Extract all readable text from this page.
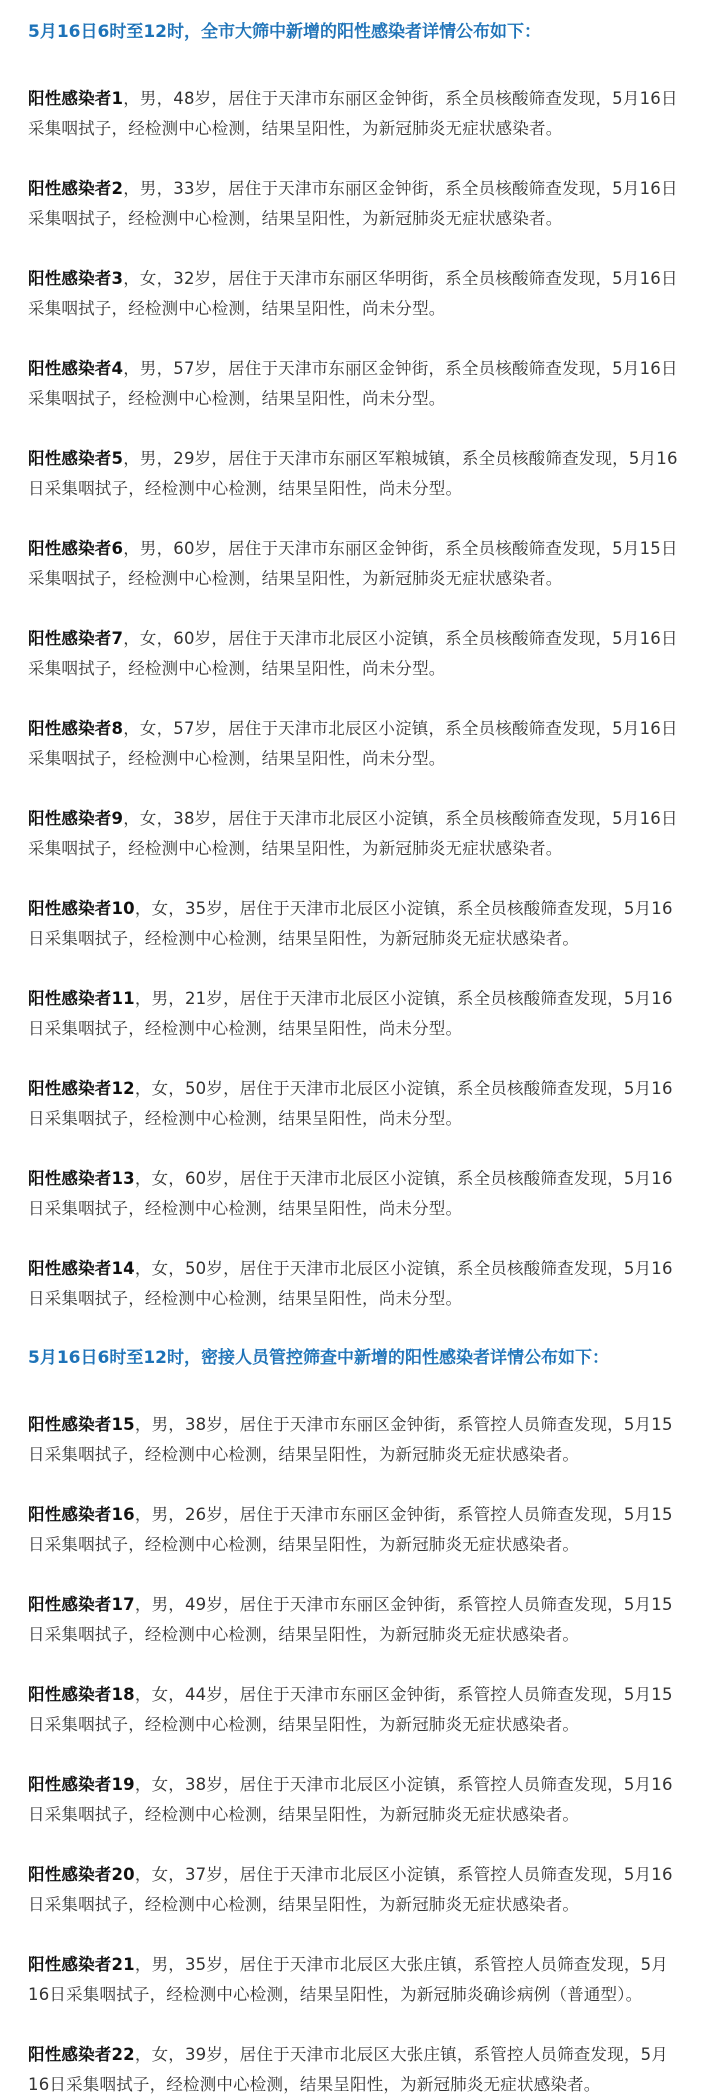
5月16日6时至12时，全市大筛中新增的阳性感染者详情公布如下：

阳性感染者1，男，48岁，居住于天津市东丽区金钟街，系全员核酸筛查发现，5月16日采集咽拭子，经检测中心检测，结果呈阳性，为新冠肺炎无症状感染者。

阳性感染者2，男，33岁，居住于天津市东丽区金钟街，系全员核酸筛查发现，5月16日采集咽拭子，经检测中心检测，结果呈阳性，为新冠肺炎无症状感染者。

阳性感染者3，女，32岁，居住于天津市东丽区华明街，系全员核酸筛查发现，5月16日采集咽拭子，经检测中心检测，结果呈阳性，尚未分型。

阳性感染者4，男，57岁，居住于天津市东丽区金钟街，系全员核酸筛查发现，5月16日采集咽拭子，经检测中心检测，结果呈阳性，尚未分型。

阳性感染者5，男，29岁，居住于天津市东丽区军粮城镇，系全员核酸筛查发现，5月16日采集咽拭子，经检测中心检测，结果呈阳性，尚未分型。

阳性感染者6，男，60岁，居住于天津市东丽区金钟街，系全员核酸筛查发现，5月15日采集咽拭子，经检测中心检测，结果呈阳性，为新冠肺炎无症状感染者。

阳性感染者7，女，60岁，居住于天津市北辰区小淀镇，系全员核酸筛查发现，5月16日采集咽拭子，经检测中心检测，结果呈阳性，尚未分型。

阳性感染者8，女，57岁，居住于天津市北辰区小淀镇，系全员核酸筛查发现，5月16日采集咽拭子，经检测中心检测，结果呈阳性，尚未分型。

阳性感染者9，女，38岁，居住于天津市北辰区小淀镇，系全员核酸筛查发现，5月16日采集咽拭子，经检测中心检测，结果呈阳性，为新冠肺炎无症状感染者。

阳性感染者10，女，35岁，居住于天津市北辰区小淀镇，系全员核酸筛查发现，5月16日采集咽拭子，经检测中心检测，结果呈阳性，为新冠肺炎无症状感染者。

阳性感染者11，男，21岁，居住于天津市北辰区小淀镇，系全员核酸筛查发现，5月16日采集咽拭子，经检测中心检测，结果呈阳性，尚未分型。

阳性感染者12，女，50岁，居住于天津市北辰区小淀镇，系全员核酸筛查发现，5月16日采集咽拭子，经检测中心检测，结果呈阳性，尚未分型。

阳性感染者13，女，60岁，居住于天津市北辰区小淀镇，系全员核酸筛查发现，5月16日采集咽拭子，经检测中心检测，结果呈阳性，尚未分型。

阳性感染者14，女，50岁，居住于天津市北辰区小淀镇，系全员核酸筛查发现，5月16日采集咽拭子，经检测中心检测，结果呈阳性，尚未分型。

5月16日6时至12时，密接人员管控筛查中新增的阳性感染者详情公布如下：

阳性感染者15，男，38岁，居住于天津市东丽区金钟街，系管控人员筛查发现，5月15日采集咽拭子，经检测中心检测，结果呈阳性，为新冠肺炎无症状感染者。

阳性感染者16，男，26岁，居住于天津市东丽区金钟街，系管控人员筛查发现，5月15日采集咽拭子，经检测中心检测，结果呈阳性，为新冠肺炎无症状感染者。

阳性感染者17，男，49岁，居住于天津市东丽区金钟街，系管控人员筛查发现，5月15日采集咽拭子，经检测中心检测，结果呈阳性，为新冠肺炎无症状感染者。

阳性感染者18，女，44岁，居住于天津市东丽区金钟街，系管控人员筛查发现，5月15日采集咽拭子，经检测中心检测，结果呈阳性，为新冠肺炎无症状感染者。

阳性感染者19，女，38岁，居住于天津市北辰区小淀镇，系管控人员筛查发现，5月16日采集咽拭子，经检测中心检测，结果呈阳性，为新冠肺炎无症状感染者。

阳性感染者20，女，37岁，居住于天津市北辰区小淀镇，系管控人员筛查发现，5月16日采集咽拭子，经检测中心检测，结果呈阳性，为新冠肺炎无症状感染者。

阳性感染者21，男，35岁，居住于天津市北辰区大张庄镇，系管控人员筛查发现，5月16日采集咽拭子，经检测中心检测，结果呈阳性，为新冠肺炎确诊病例（普通型）。

阳性感染者22，女，39岁，居住于天津市北辰区大张庄镇，系管控人员筛查发现，5月16日采集咽拭子，经检测中心检测，结果呈阳性，为新冠肺炎无症状感染者。
